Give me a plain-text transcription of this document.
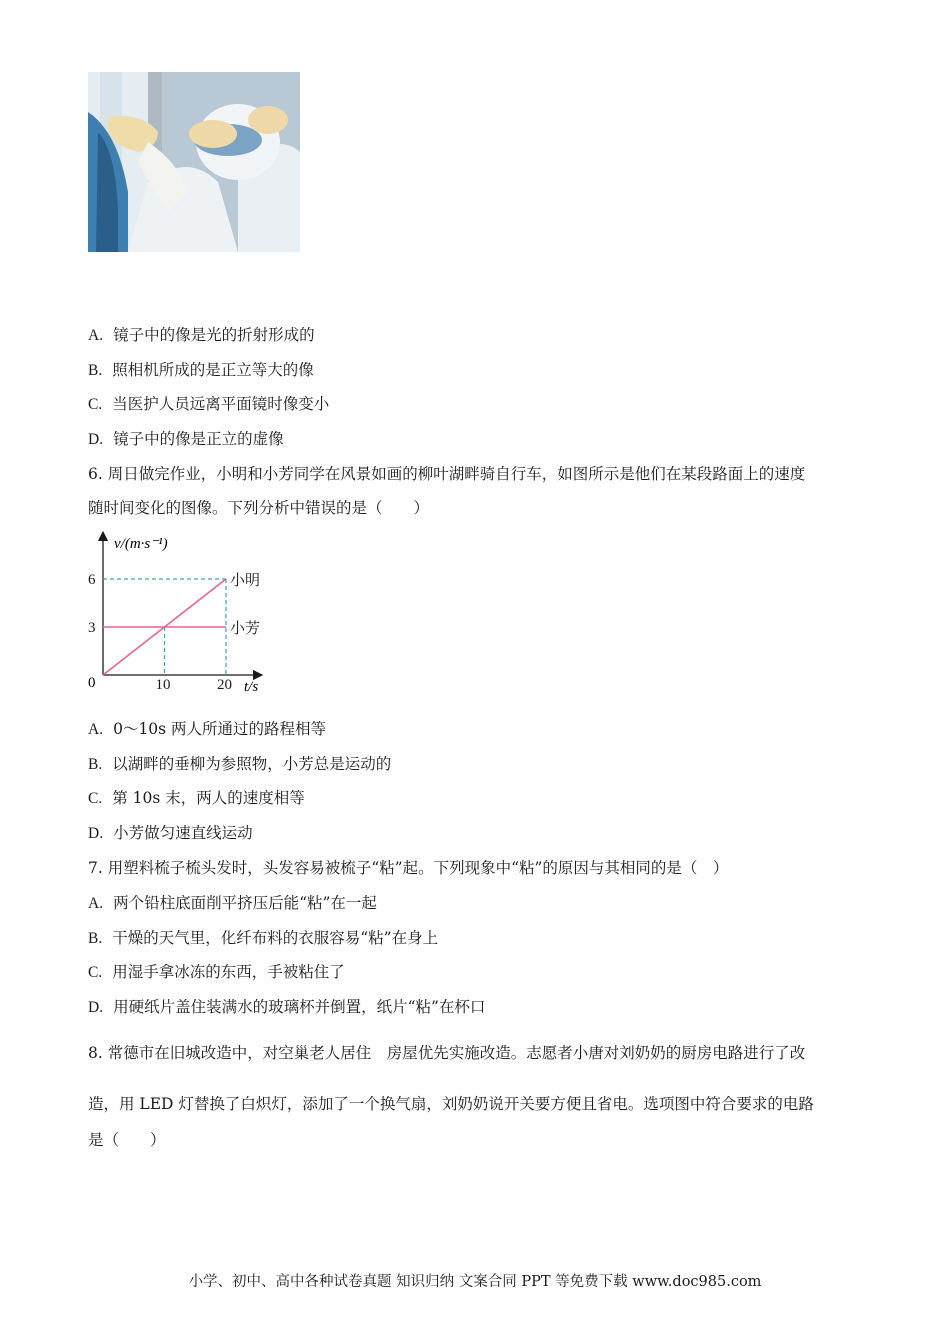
A. 镜子中的像是光的折射形成的
B. 照相机所成的是正立等大的像
C. 当医护人员远离平面镜时像变小
D. 镜子中的像是正立的虚像
6. 周日做完作业，小明和小芳同学在风景如画的柳叶湖畔骑自行车，如图所示是他们在某段路面上的速度
随时间变化的图像。下列分析中错误的是（　　）
v/(m·s⁻¹)
0	t/s
小明
小芳
3
6
10	20
A. 0～10s 两人所通过的路程相等
B. 以湖畔的垂柳为参照物，小芳总是运动的
C. 第 10s 末，两人的速度相等
D. 小芳做匀速直线运动
7. 用塑料梳子梳头发时，头发容易被梳子“粘”起。下列现象中“粘”的原因与其相同的是（　）
A. 两个铅柱底面削平挤压后能“粘”在一起
B. 干燥的天气里，化纤布料的衣服容易“粘”在身上
C. 用湿手拿冰冻的东西，手被粘住了
D. 用硬纸片盖住装满水的玻璃杯并倒置，纸片“粘”在杯口
8. 常德市在旧城改造中，对空巢老人居住　房屋优先实施改造。志愿者小唐对刘奶奶的厨房电路进行了改
造，用 LED 灯替换了白炽灯，添加了一个换气扇，刘奶奶说开关要方便且省电。选项图中符合要求的电路
是（　　）
小学、初中、高中各种试卷真题 知识归纳 文案合同 PPT 等免费下载 www.doc985.com
